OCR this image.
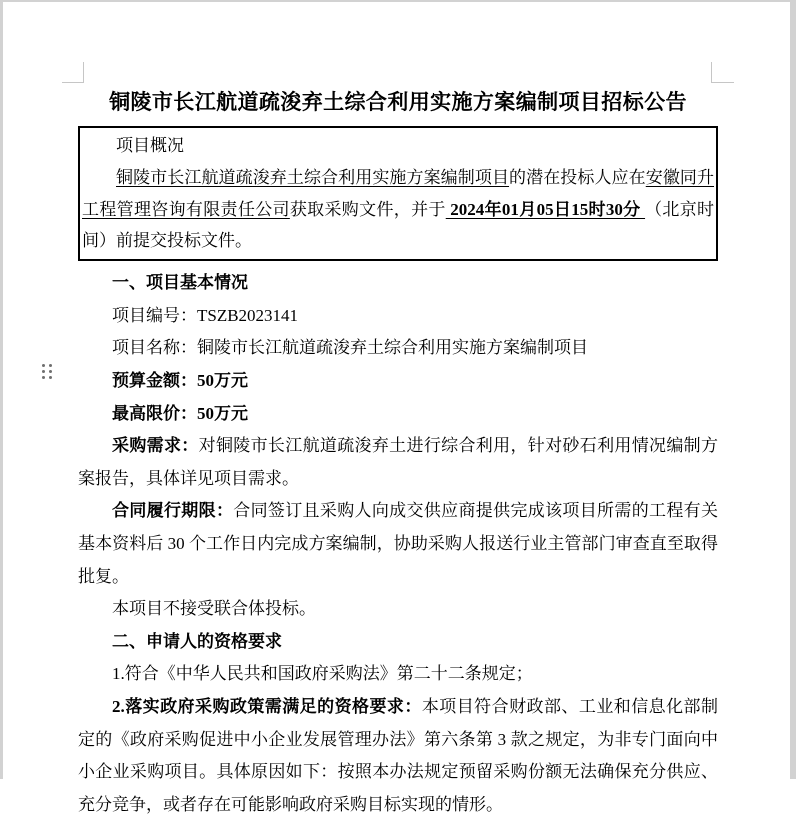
铜陵市长江航道疏浚弃土综合利用实施方案编制项目招标公告

项目概况

铜陵市长江航道疏浚弃土综合利用实施方案编制项目的潜在投标人应在安徽同升工程管理咨询有限责任公司获取采购文件，并于 2024年01月05日15时30分 （北京时间）前提交投标文件。

一、项目基本情况

项目编号：TSZB2023141

项目名称：铜陵市长江航道疏浚弃土综合利用实施方案编制项目

预算金额：50万元

最高限价：50万元

采购需求：对铜陵市长江航道疏浚弃土进行综合利用，针对砂石利用情况编制方案报告，具体详见项目需求。

合同履行期限：合同签订且采购人向成交供应商提供完成该项目所需的工程有关基本资料后 30 个工作日内完成方案编制，协助采购人报送行业主管部门审查直至取得批复。

本项目不接受联合体投标。

二、申请人的资格要求

1.符合《中华人民共和国政府采购法》第二十二条规定；

2.落实政府采购政策需满足的资格要求：本项目符合财政部、工业和信息化部制定的《政府采购促进中小企业发展管理办法》第六条第 3 款之规定，为非专门面向中小企业采购项目。具体原因如下：按照本办法规定预留采购份额无法确保充分供应、充分竞争，或者存在可能影响政府采购目标实现的情形。
